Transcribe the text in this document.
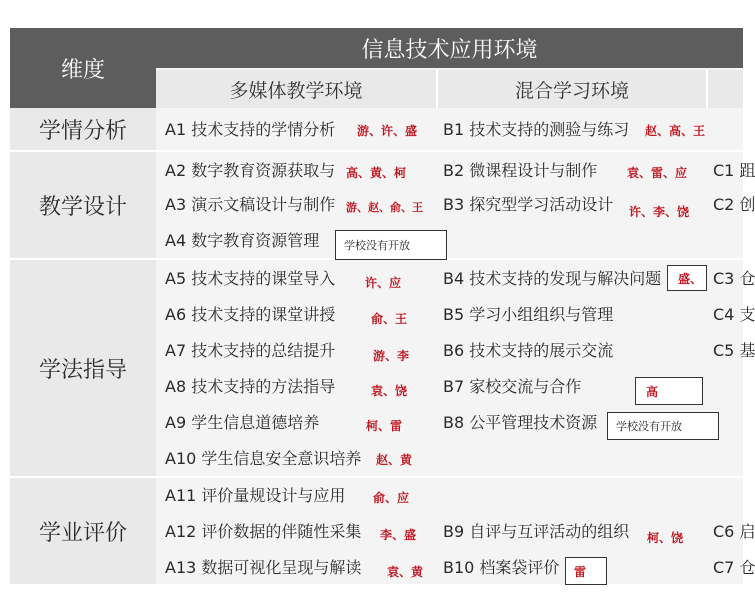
维度
信息技术应用环境
多媒体教学环境	混合学习环境
学情分析
教学设计
学法指导
学业评价
A1 技术支持的学情分析
A2 数字教育资源获取与
A3 演示文稿设计与制作
A4 数字教育资源管理
A5 技术支持的课堂导入
A6 技术支持的课堂讲授
A7 技术支持的总结提升
A8 技术支持的方法指导
A9 学生信息道德培养
A10 学生信息安全意识培养
A11 评价量规设计与应用
A12 评价数据的伴随性采集
A13 数据可视化呈现与解读
游、许、盛
高、黄、柯
游、赵、俞、王
学校没有开放
许、应
俞、王
游、李
袁、饶
柯、雷
赵、黄
俞、应
李、盛
袁、黄
B1 技术支持的测验与练习
B2 微课程设计与制作
B3 探究型学习活动设计
B4 技术支持的发现与解决问题
B5 学习小组组织与管理
B6 技术支持的展示交流
B7 家校交流与合作
B8 公平管理技术资源
B9 自评与互评活动的组织
B10 档案袋评价
赵、高、王
袁、雷、应
许、李、饶
盛、
高
学校没有开放
柯、饶
雷
C1 跙
C2 创
C3 仓
C4 支
C5 基
C6 启
C7 仓
